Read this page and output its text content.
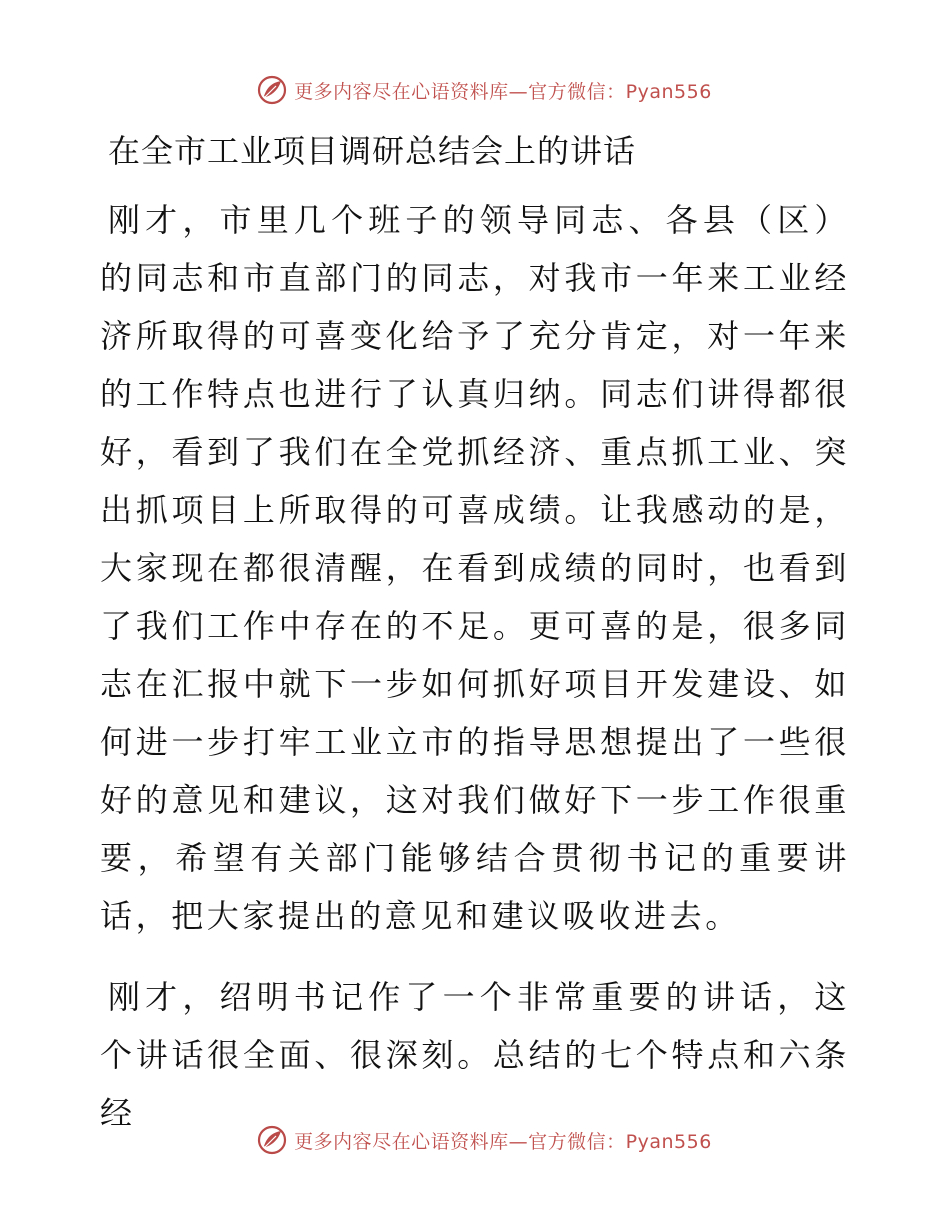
更多内容尽在心语资料库—官方微信：Pyan556
在全市工业项目调研总结会上的讲话
刚才，市里几个班子的领导同志、各县（区）的同志和市直部门的同志，对我市一年来工业经济所取得的可喜变化给予了充分肯定，对一年来的工作特点也进行了认真归纳。同志们讲得都很好，看到了我们在全党抓经济、重点抓工业、突出抓项目上所取得的可喜成绩。让我感动的是，大家现在都很清醒，在看到成绩的同时，也看到了我们工作中存在的不足。更可喜的是，很多同志在汇报中就下一步如何抓好项目开发建设、如何进一步打牢工业立市的指导思想提出了一些很好的意见和建议，这对我们做好下一步工作很重要，希望有关部门能够结合贯彻书记的重要讲话，把大家提出的意见和建议吸收进去。
刚才，绍明书记作了一个非常重要的讲话，这个讲话很全面、很深刻。总结的七个特点和六条经
更多内容尽在心语资料库—官方微信：Pyan556
